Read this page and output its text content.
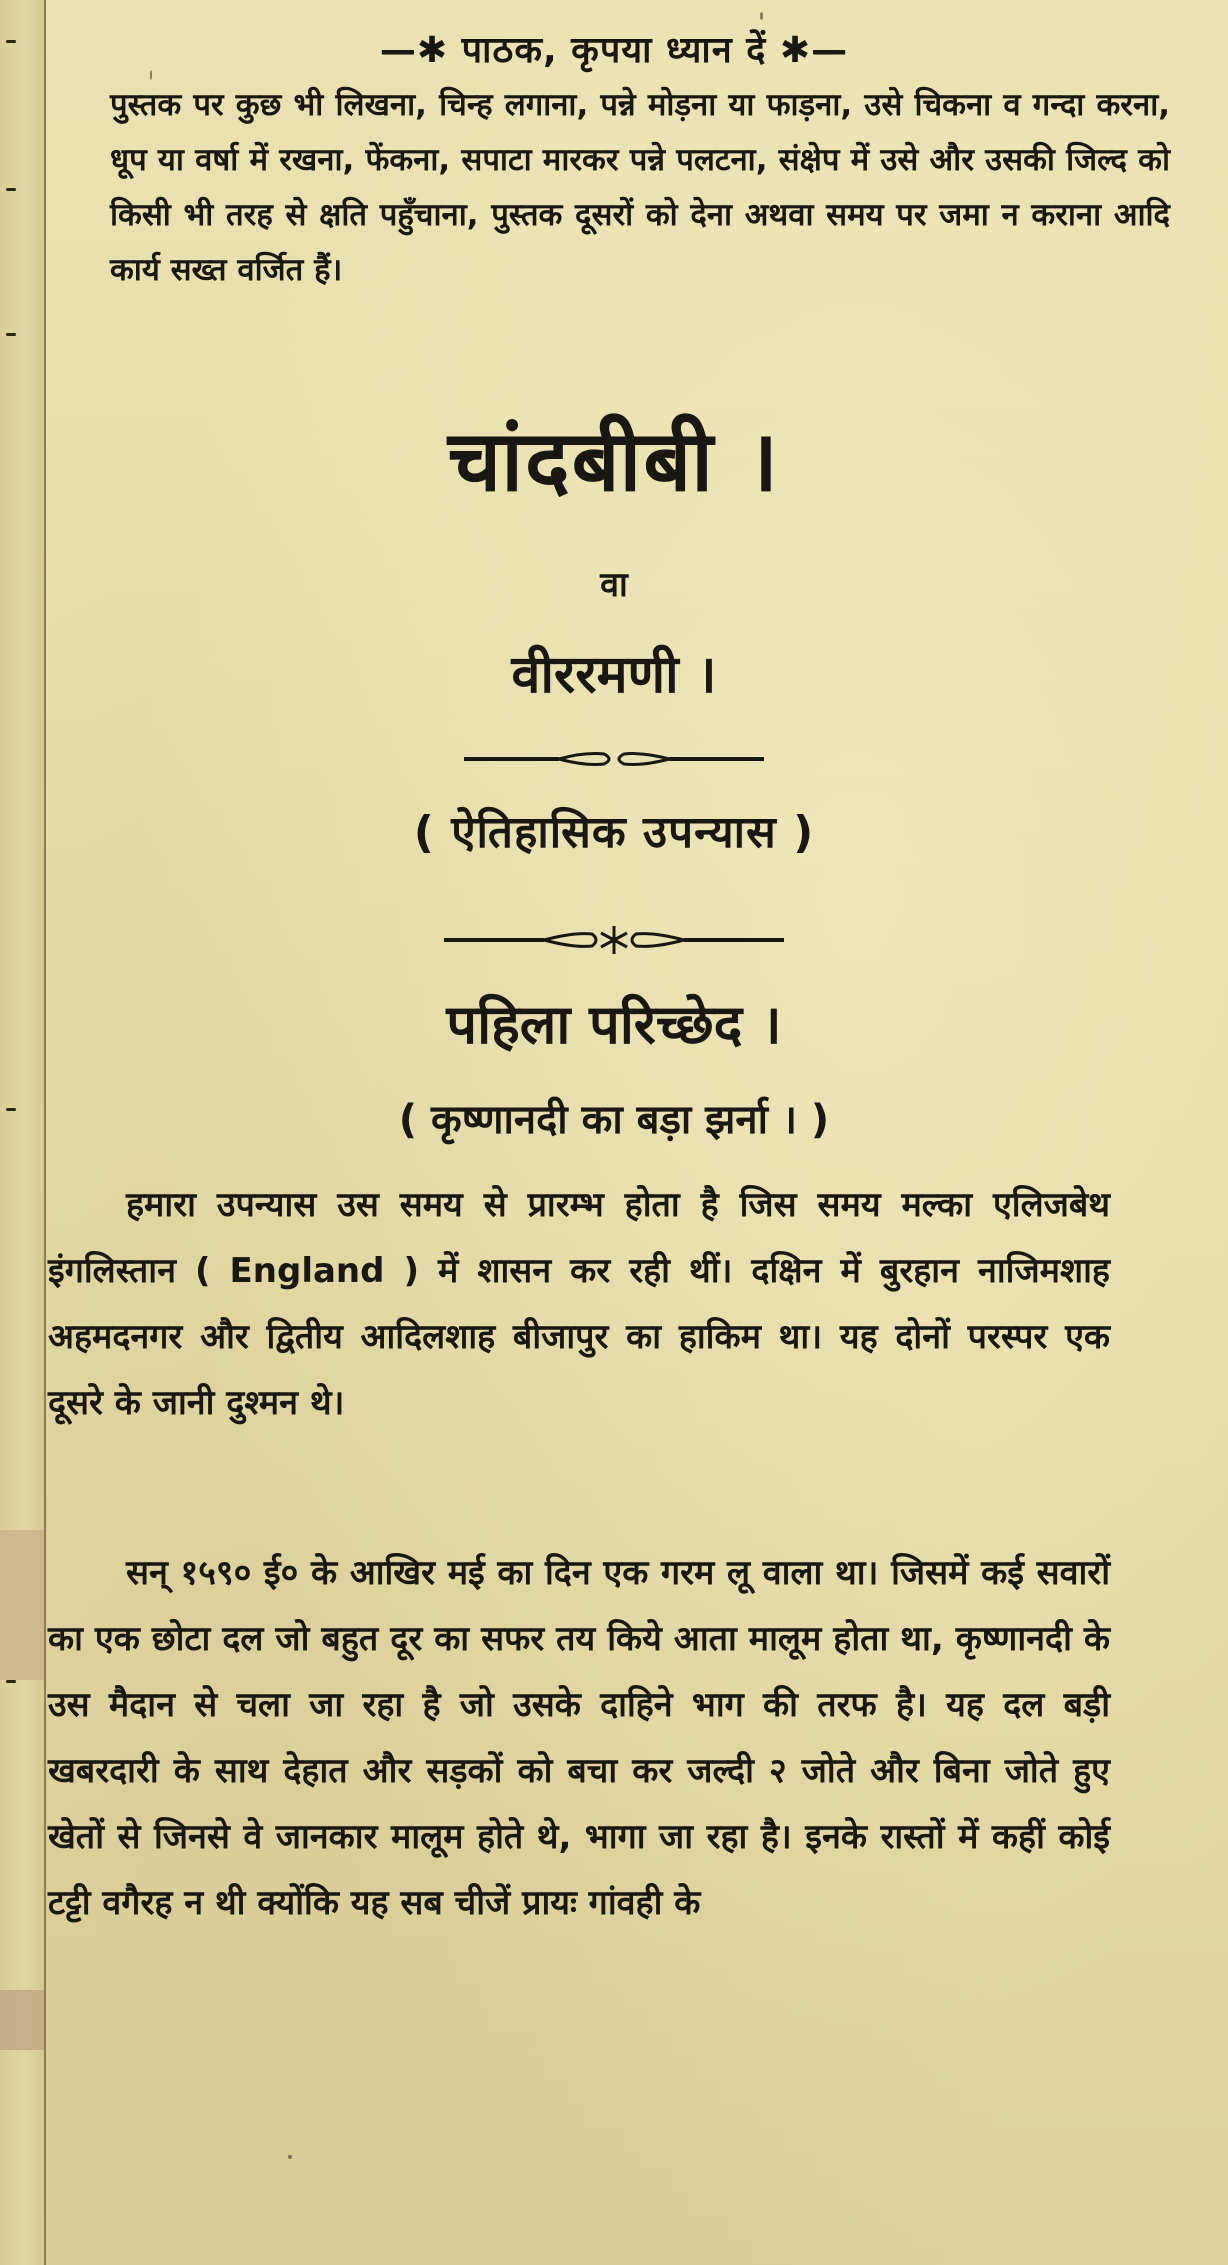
—✱ पाठक, कृपया ध्यान दें ✱—
पुस्तक पर कुछ भी लिखना, चिन्ह लगाना, पन्ने मोड़ना या फाड़ना, उसे चिकना व गन्दा करना, धूप या वर्षा में रखना, फेंकना, सपाटा मारकर पन्ने पलटना, संक्षेप में उसे और उसकी जिल्द को किसी भी तरह से क्षति पहुँचाना, पुस्तक दूसरों को देना अथवा समय पर जमा न कराना आदि कार्य सख्त वर्जित हैं।
चांदबीबी ।
वा
वीररमणी ।
( ऐतिहासिक उपन्यास )
पहिला परिच्छेद ।
( कृष्णानदी का बड़ा झर्ना । )
हमारा उपन्यास उस समय से प्रारम्भ होता है जिस समय मल्का एलिजबेथ इंगलिस्तान ( England ) में शासन कर रही थीं। दक्षिन में बुरहान नाजिमशाह अहमदनगर और द्वितीय आदिलशाह बीजापुर का हाकिम था। यह दोनों परस्पर एक दूसरे के जानी दुश्मन थे।
सन् १५९० ई० के आखिर मई का दिन एक गरम लू वाला था। जिसमें कई सवारों का एक छोटा दल जो बहुत दूर का सफर तय किये आता मालूम होता था, कृष्णानदी के उस मैदान से चला जा रहा है जो उसके दाहिने भाग की तरफ है। यह दल बड़ी खबरदारी के साथ देहात और सड़कों को बचा कर जल्दी २ जोते और बिना जोते हुए खेतों से जिनसे वे जानकार मालूम होते थे, भागा जा रहा है। इनके रास्तों में कहीं कोई टट्टी वगैरह न थी क्योंकि यह सब चीजें प्रायः गांवही के
